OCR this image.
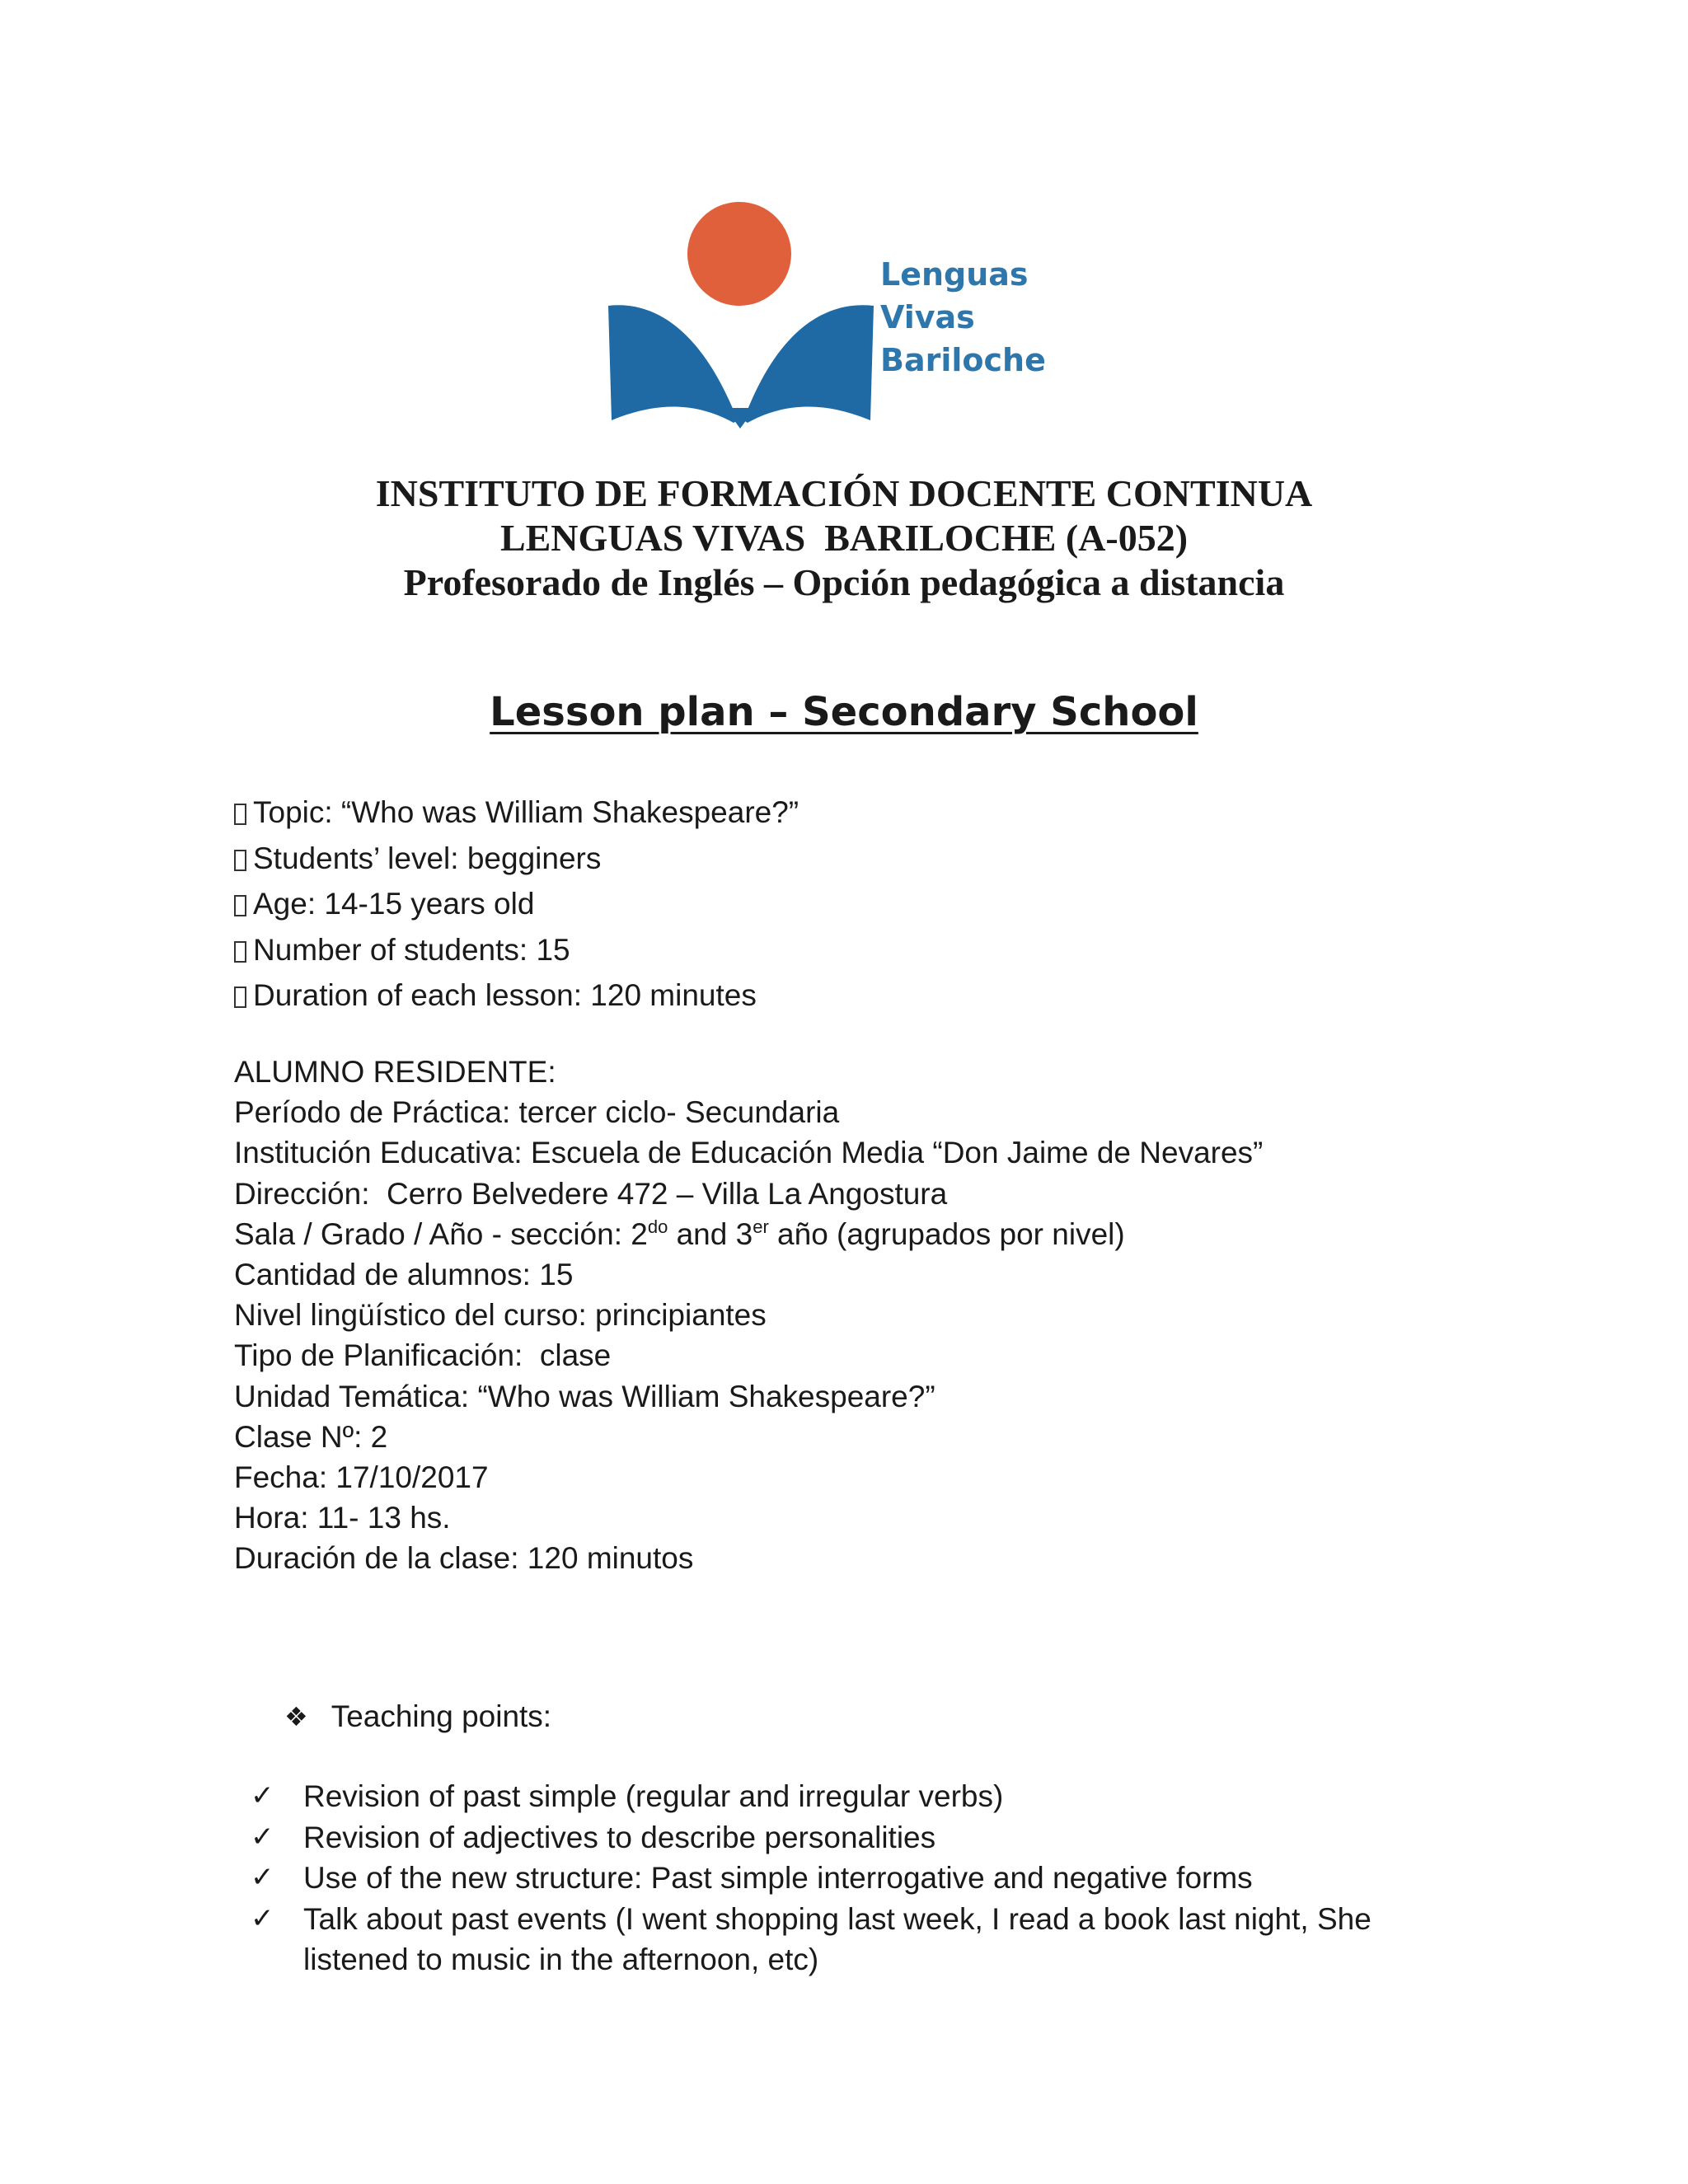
Lenguas Vivas
Bariloche
INSTITUTO DE FORMACIÓN DOCENTE CONTINUA
LENGUAS VIVAS  BARILOCHE (A-052)
Profesorado de Inglés – Opción pedagógica a distancia
Lesson plan – Secondary School
Topic: “Who was William Shakespeare?”
Students’ level: begginers
Age: 14-15 years old
Number of students: 15
Duration of each lesson: 120 minutes
ALUMNO RESIDENTE:
Período de Práctica: tercer ciclo- Secundaria
Institución Educativa: Escuela de Educación Media “Don Jaime de Nevares”
Dirección:  Cerro Belvedere 472 – Villa La Angostura
Sala / Grado / Año - sección: $2^{do}$ and 3er año (agrupados por nivel)
Cantidad de alumnos: 15
Nivel lingüístico del curso: principiantes
Tipo de Planificación:  clase
Unidad Temática: “Who was William Shakespeare?”
Clase Nº: 2
Fecha: 17/10/2017
Hora: 11- 13 hs.
Duración de la clase: 120 minutos
❖ Teaching points:
✓ Revision of past simple (regular and irregular verbs)
✓ Revision of adjectives to describe personalities
✓ Use of the new structure: Past simple interrogative and negative forms
✓ Talk about past events (I went shopping last week, I read a book last night, She listened to music in the afternoon, etc)
